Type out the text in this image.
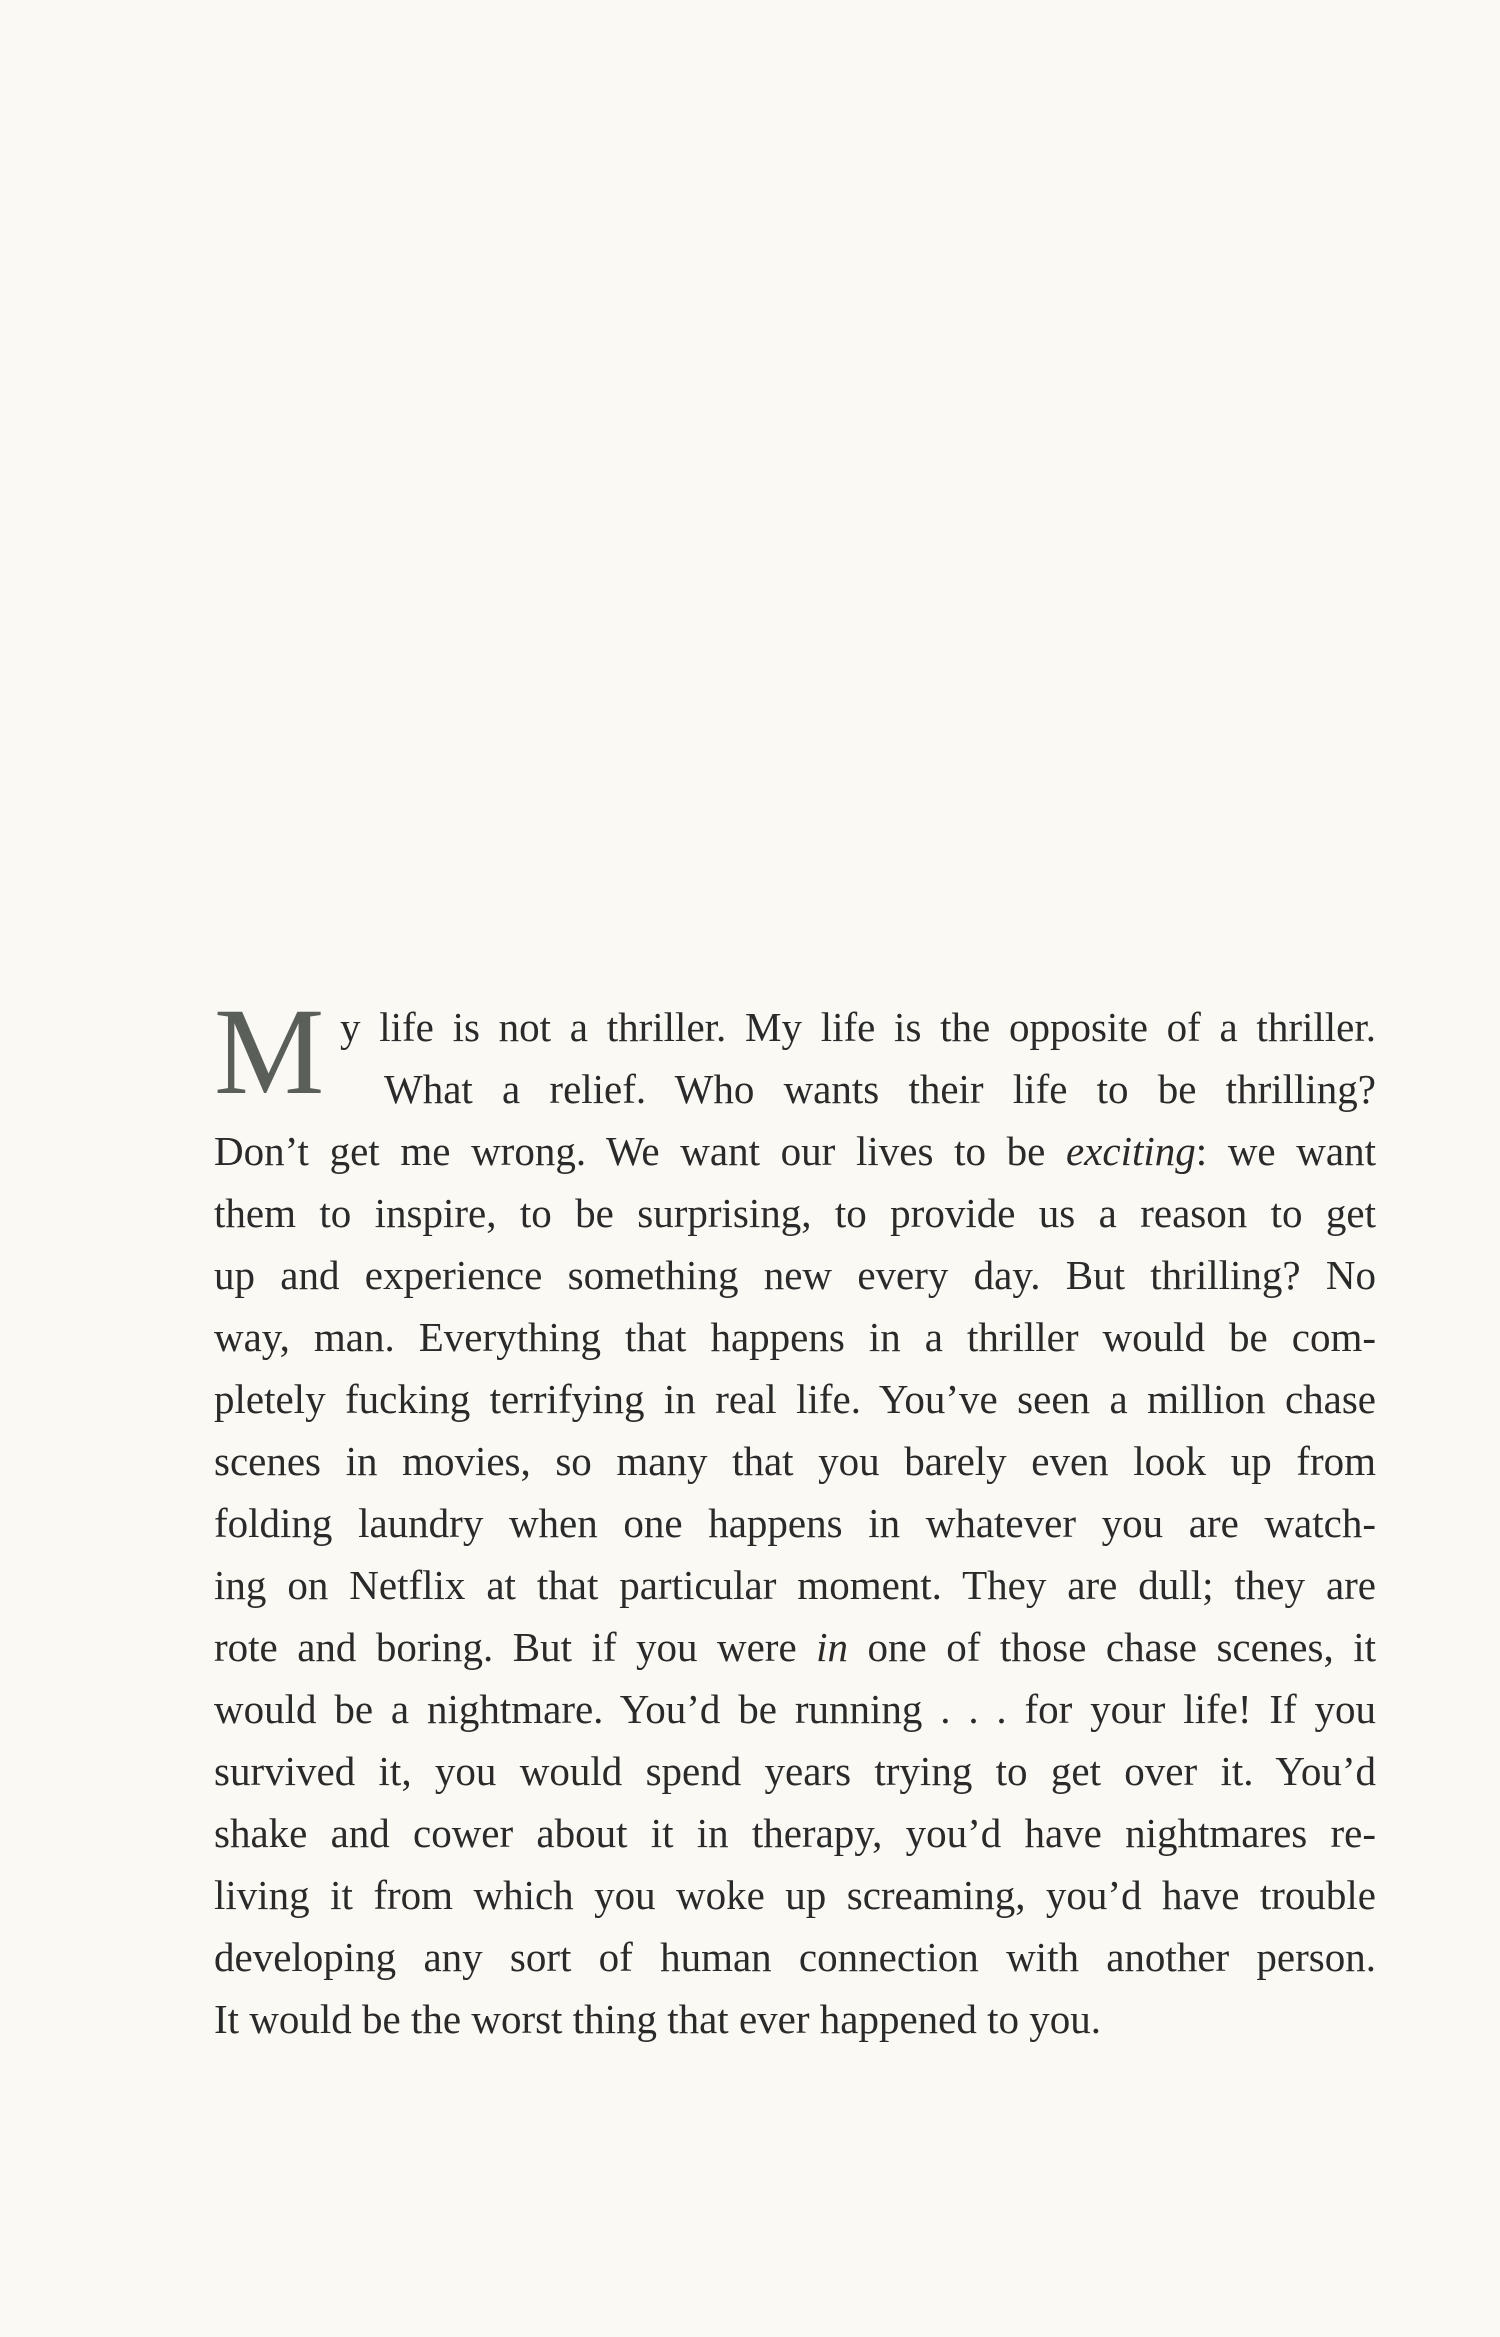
M y life is not a thriller. My life is the opposite of a thriller.
What a relief. Who wants their life to be thrilling?
Don’t get me wrong. We want our lives to be exciting: we want
them to inspire, to be surprising, to provide us a reason to get
up and experience something new every day. But thrilling? No
way, man. Everything that happens in a thriller would be com-
pletely fucking terrifying in real life. You’ve seen a million chase
scenes in movies, so many that you barely even look up from
folding laundry when one happens in whatever you are watch-
ing on Netflix at that particular moment. They are dull; they are
rote and boring. But if you were in one of those chase scenes, it
would be a nightmare. You’d be running . . . for your life! If you
survived it, you would spend years trying to get over it. You’d
shake and cower about it in therapy, you’d have nightmares re-
living it from which you woke up screaming, you’d have trouble
developing any sort of human connection with another person.
It would be the worst thing that ever happened to you.
